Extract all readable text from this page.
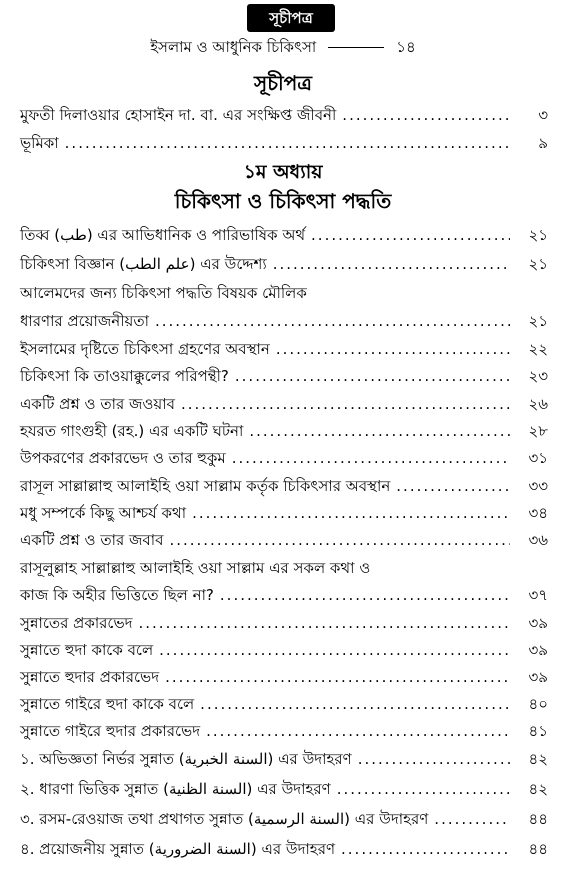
সূচীপত্র
ইসলাম ও আধুনিক চিকিৎসা	১৪
সূচীপত্র
মুফতী দিলাওয়ার হোসাইন দা. বা. এর সংক্ষিপ্ত জীবনী .....	৩
ভূমিকা .....	৯
১ম অধ্যায়
চিকিৎসা ও চিকিৎসা পদ্ধতি
তিব্ব (طب) এর আভিধানিক ও পারিভাষিক অর্থ .....	২১
চিকিৎসা বিজ্ঞান (علم الطب) এর উদ্দেশ্য .....	২১
আলেমদের জন্য চিকিৎসা পদ্ধতি বিষয়ক মৌলিক
ধারণার প্রয়োজনীয়তা .....	২১
ইসলামের দৃষ্টিতে চিকিৎসা গ্রহণের অবস্থান .....	২২
চিকিৎসা কি তাওয়াক্কুলের পরিপন্থী? .....	২৩
একটি প্রশ্ন ও তার জওয়াব .....	২৬
হযরত গাংগুহী (রহ.) এর একটি ঘটনা .....	২৮
উপকরণের প্রকারভেদ ও তার হুকুম .....	৩১
রাসূল সাল্লাল্লাহু আলাইহি ওয়া সাল্লাম কর্তৃক চিকিৎসার অবস্থান .....	৩৩
মধু সম্পর্কে কিছু আশ্চর্য কথা .....	৩৪
একটি প্রশ্ন ও তার জবাব .....	৩৬
রাসূলুল্লাহ সাল্লাল্লাহু আলাইহি ওয়া সাল্লাম এর সকল কথা ও
কাজ কি অহীর ভিত্তিতে ছিল না? .....	৩৭
সুন্নাতের প্রকারভেদ .....	৩৯
সুন্নাতে হুদা কাকে বলে .....	৩৯
সুন্নাতে হুদার প্রকারভেদ .....	৩৯
সুন্নাতে গাইরে হুদা কাকে বলে .....	৪০
সুন্নাতে গাইরে হুদার প্রকারভেদ .....	৪১
১. অভিজ্ঞতা নির্ভর সুন্নাত (السنة الخبرية) এর উদাহরণ .....	৪২
২. ধারণা ভিত্তিক সুন্নাত (السنة الظنية) এর উদাহরণ .....	৪২
৩. রসম-রেওয়াজ তথা প্রথাগত সুন্নাত (السنة الرسمية) এর উদাহরণ .....	৪৪
৪. প্রয়োজনীয় সুন্নাত (السنة الضرورية) এর উদাহরণ .....	৪৪
